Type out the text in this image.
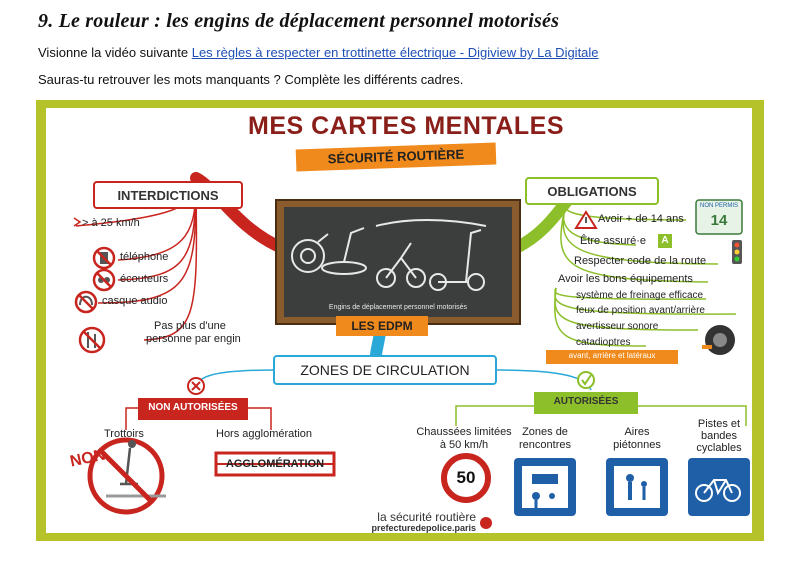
9. Le rouleur : les engins de déplacement personnel motorisés
Visionne la vidéo suivante Les règles à respecter en trottinette électrique - Digiview by La Digitale
Sauras-tu retrouver les mots manquants ? Complète les différents cadres.
MES CARTES MENTALES
SÉCURITÉ ROUTIÈRE
Engins de déplacement personnel motorisés
LES EDPM
INTERDICTIONS
> à 25 km/h
téléphone
écouteurs
casque audio
Pas plus d'une
personne par engin
OBLIGATIONS
Avoir + de 14 ans
Être assuré·e
Respecter code de la route
Avoir les bons équipements
système de freinage efficace
feux de position avant/arrière
avertisseur sonore
catadioptres
avant, arrière et latéraux
NON PERMIS
14
A
ZONES DE CIRCULATION
NON AUTORISÉES
Trottoirs	Hors agglomération
NON	AGGLOMÉRATION
AUTORISÉES
Chaussées limitées
à 50 km/h
Zones de
rencontres
Aires
piétonnes
Pistes et
bandes
cyclables
50
la sécurité routière
prefecturedepolice.paris
